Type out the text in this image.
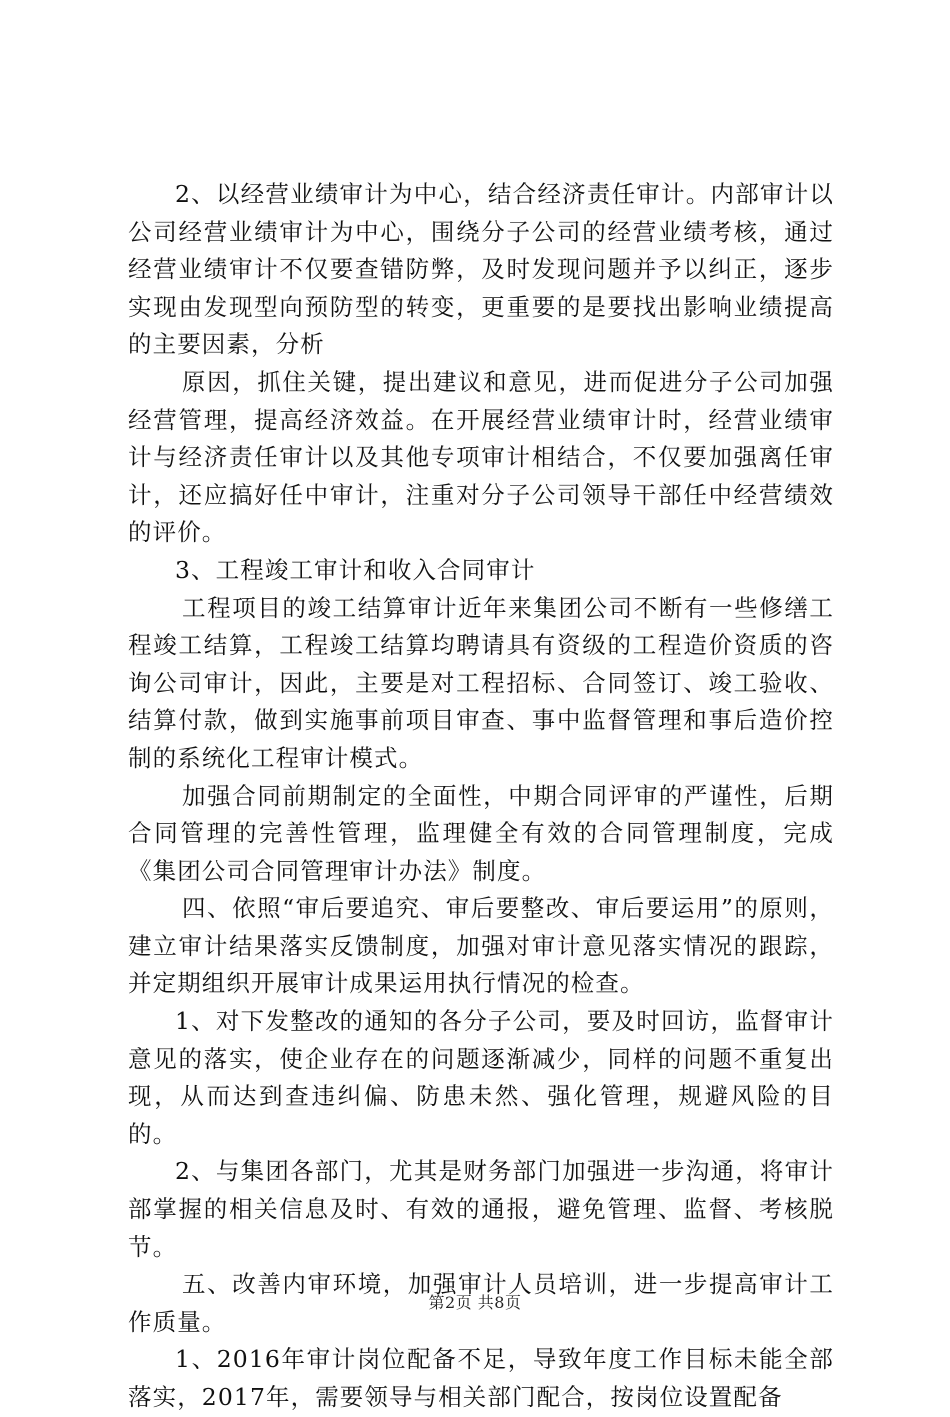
2、以经营业绩审计为中心，结合经济责任审计。内部审计以公司经营业绩审计为中心，围绕分子公司的经营业绩考核，通过经营业绩审计不仅要查错防弊，及时发现问题并予以纠正，逐步实现由发现型向预防型的转变，更重要的是要找出影响业绩提高的主要因素，分析

原因，抓住关键，提出建议和意见，进而促进分子公司加强经营管理，提高经济效益。在开展经营业绩审计时，经营业绩审计与经济责任审计以及其他专项审计相结合，不仅要加强离任审计，还应搞好任中审计，注重对分子公司领导干部任中经营绩效的评价。

3、工程竣工审计和收入合同审计

工程项目的竣工结算审计近年来集团公司不断有一些修缮工程竣工结算，工程竣工结算均聘请具有资级的工程造价资质的咨询公司审计，因此，主要是对工程招标、合同签订、竣工验收、结算付款，做到实施事前项目审查、事中监督管理和事后造价控制的系统化工程审计模式。

加强合同前期制定的全面性，中期合同评审的严谨性，后期合同管理的完善性管理，监理健全有效的合同管理制度，完成《集团公司合同管理审计办法》制度。

四、依照“审后要追究、审后要整改、审后要运用”的原则，建立审计结果落实反馈制度，加强对审计意见落实情况的跟踪，并定期组织开展审计成果运用执行情况的检查。

1、对下发整改的通知的各分子公司，要及时回访，监督审计意见的落实，使企业存在的问题逐渐减少，同样的问题不重复出现，从而达到查违纠偏、防患未然、强化管理，规避风险的目的。

2、与集团各部门，尤其是财务部门加强进一步沟通，将审计部掌握的相关信息及时、有效的通报，避免管理、监督、考核脱节。

五、改善内审环境，加强审计人员培训，进一步提高审计工作质量。

1、2016年审计岗位配备不足，导致年度工作目标未能全部落实，2017年，需要领导与相关部门配合，按岗位设置配备

第2页 共8页
